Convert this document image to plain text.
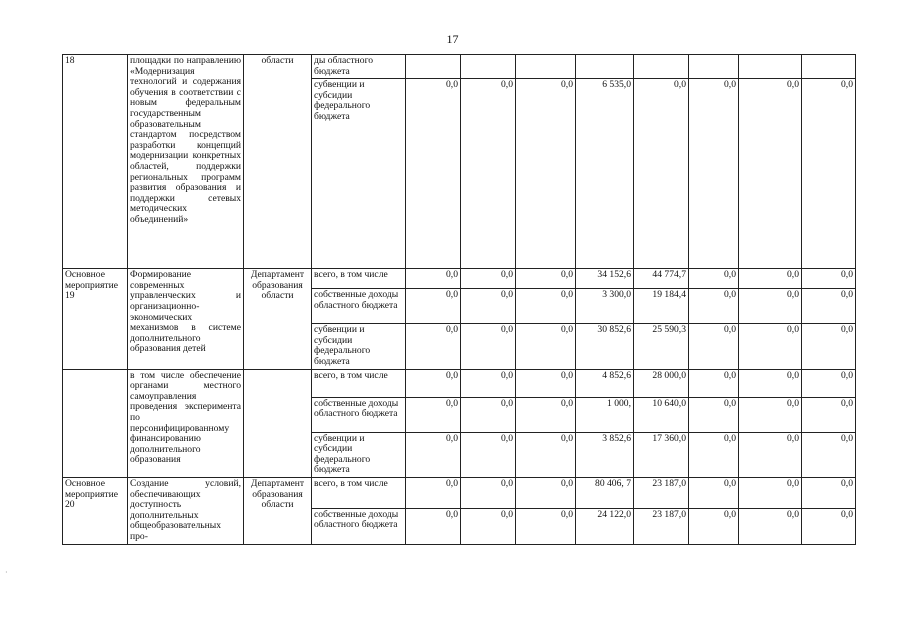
17
18	площадки по направлению «Модернизация технологий и содержания обучения в соответствии с новым федеральным государственным образовательным стандартом посредством разработки концепций модернизации конкретных областей, поддержки региональных программ развития образования и поддержки сетевых методических объединений»	области	ды областного бюджета								
			субвенции и субсидии федерального бюджета	0,0	0,0	0,0	6 535,0	0,0	0,0	0,0	0,0
Основное мероприятие 19	Формирование современных управленческих и организационно-экономических механизмов в системе дополнительного образования детей	Департамент образования области	всего, в том числе	0,0	0,0	0,0	34 152,6	44 774,7	0,0	0,0	0,0
			собственные доходы областного бюджета	0,0	0,0	0,0	3 300,0	19 184,4	0,0	0,0	0,0
			субвенции и субсидии федерального бюджета	0,0	0,0	0,0	30 852,6	25 590,3	0,0	0,0	0,0
	в том числе обеспечение органами местного самоуправления проведения эксперимента по персонифицированному финансированию дополнительного образования		всего, в том числе	0,0	0,0	0,0	4 852,6	28 000,0	0,0	0,0	0,0
			собственные доходы областного бюджета	0,0	0,0	0,0	1 000,	10 640,0	0,0	0,0	0,0
			субвенции и субсидии федерального бюджета	0,0	0,0	0,0	3 852,6	17 360,0	0,0	0,0	0,0
Основное мероприятие 20	Создание условий, обеспечивающих доступность дополнительных общеобразовательных про-	Департамент образования области	всего, в том числе	0,0	0,0	0,0	80 406, 7	23 187,0	0,0	0,0	0,0
			собственные доходы областного бюджета	0,0	0,0	0,0	24 122,0	23 187,0	0,0	0,0	0,0
·
